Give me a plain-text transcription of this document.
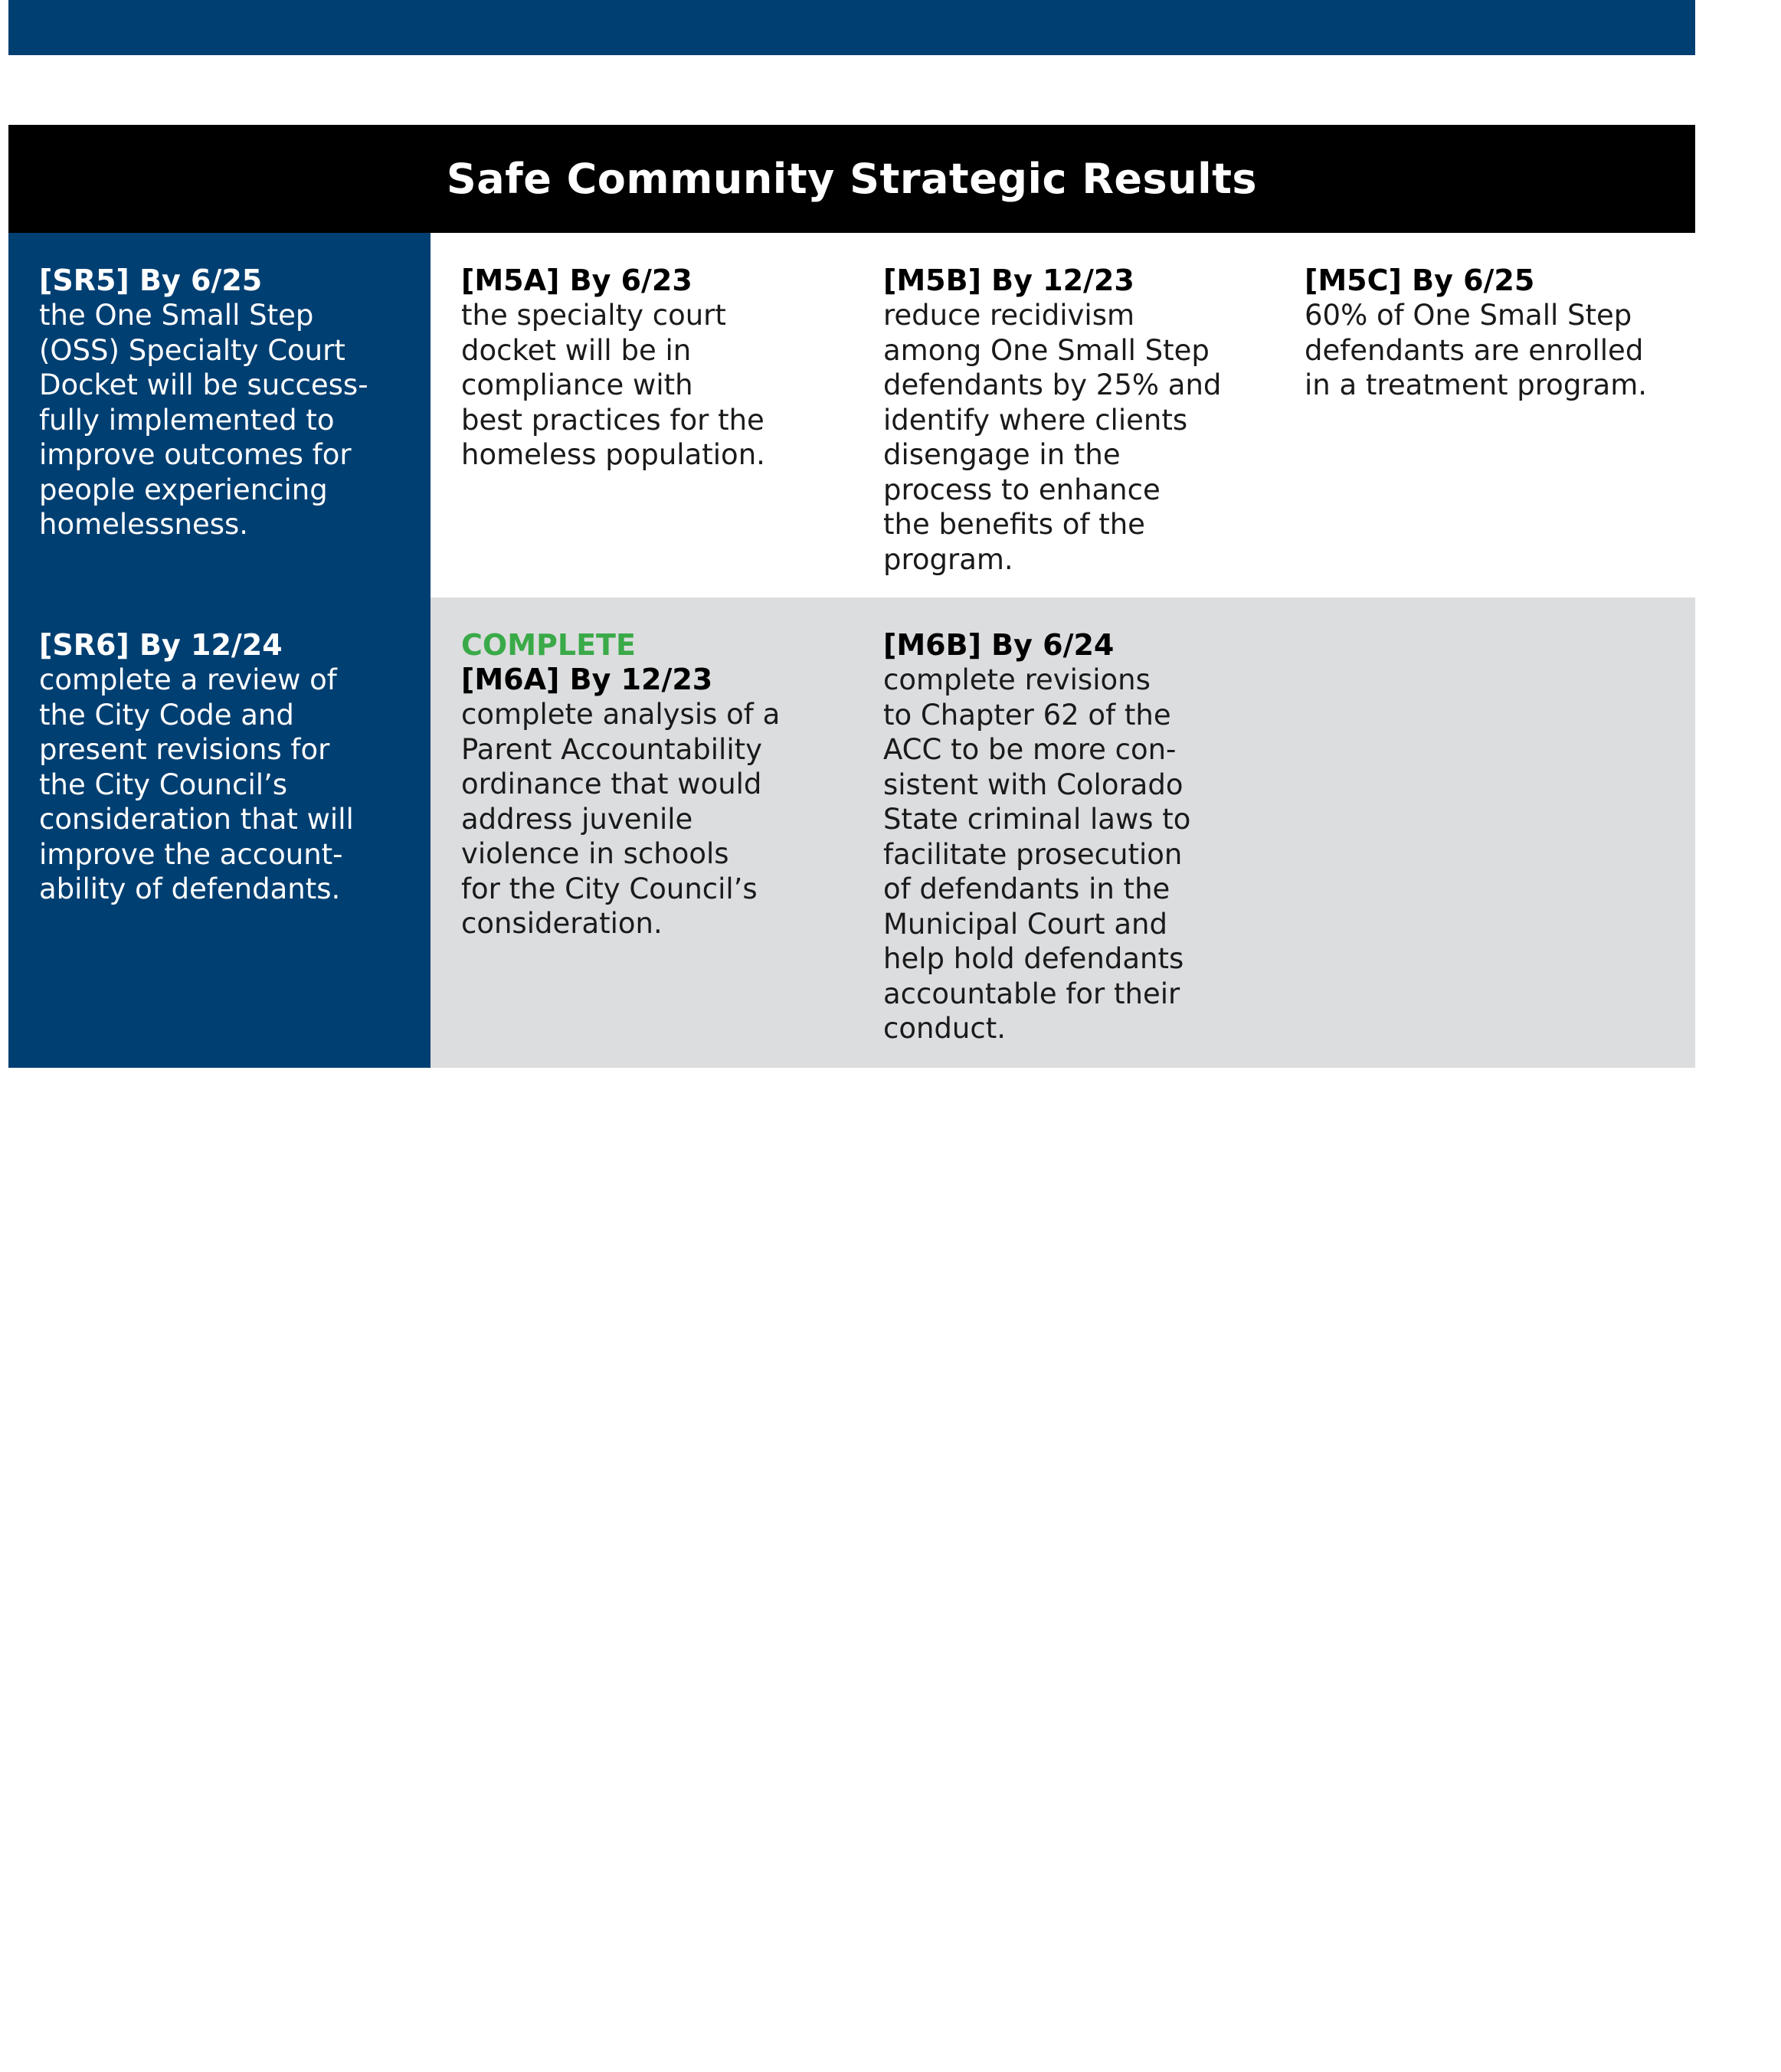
Safe Community Strategic Results
[SR5] By 6/25
the One Small Step
(OSS) Specialty Court
Docket will be success-
fully implemented to
improve outcomes for
people experiencing
homelessness.
[M5A] By 6/23
the specialty court
docket will be in
compliance with
best practices for the
homeless population.
[M5B] By 12/23
reduce recidivism
among One Small Step
defendants by 25% and
identify where clients
disengage in the
process to enhance
the benefits of the
program.
[M5C] By 6/25
60% of One Small Step
defendants are enrolled
in a treatment program.
[SR6] By 12/24
complete a review of
the City Code and
present revisions for
the City Council’s
consideration that will
improve the account-
ability of defendants.
COMPLETE
[M6A] By 12/23
complete analysis of a
Parent Accountability
ordinance that would
address juvenile
violence in schools
for the City Council’s
consideration.
[M6B] By 6/24
complete revisions
to Chapter 62 of the
ACC to be more con-
sistent with Colorado
State criminal laws to
facilitate prosecution
of defendants in the
Municipal Court and
help hold defendants
accountable for their
conduct.
